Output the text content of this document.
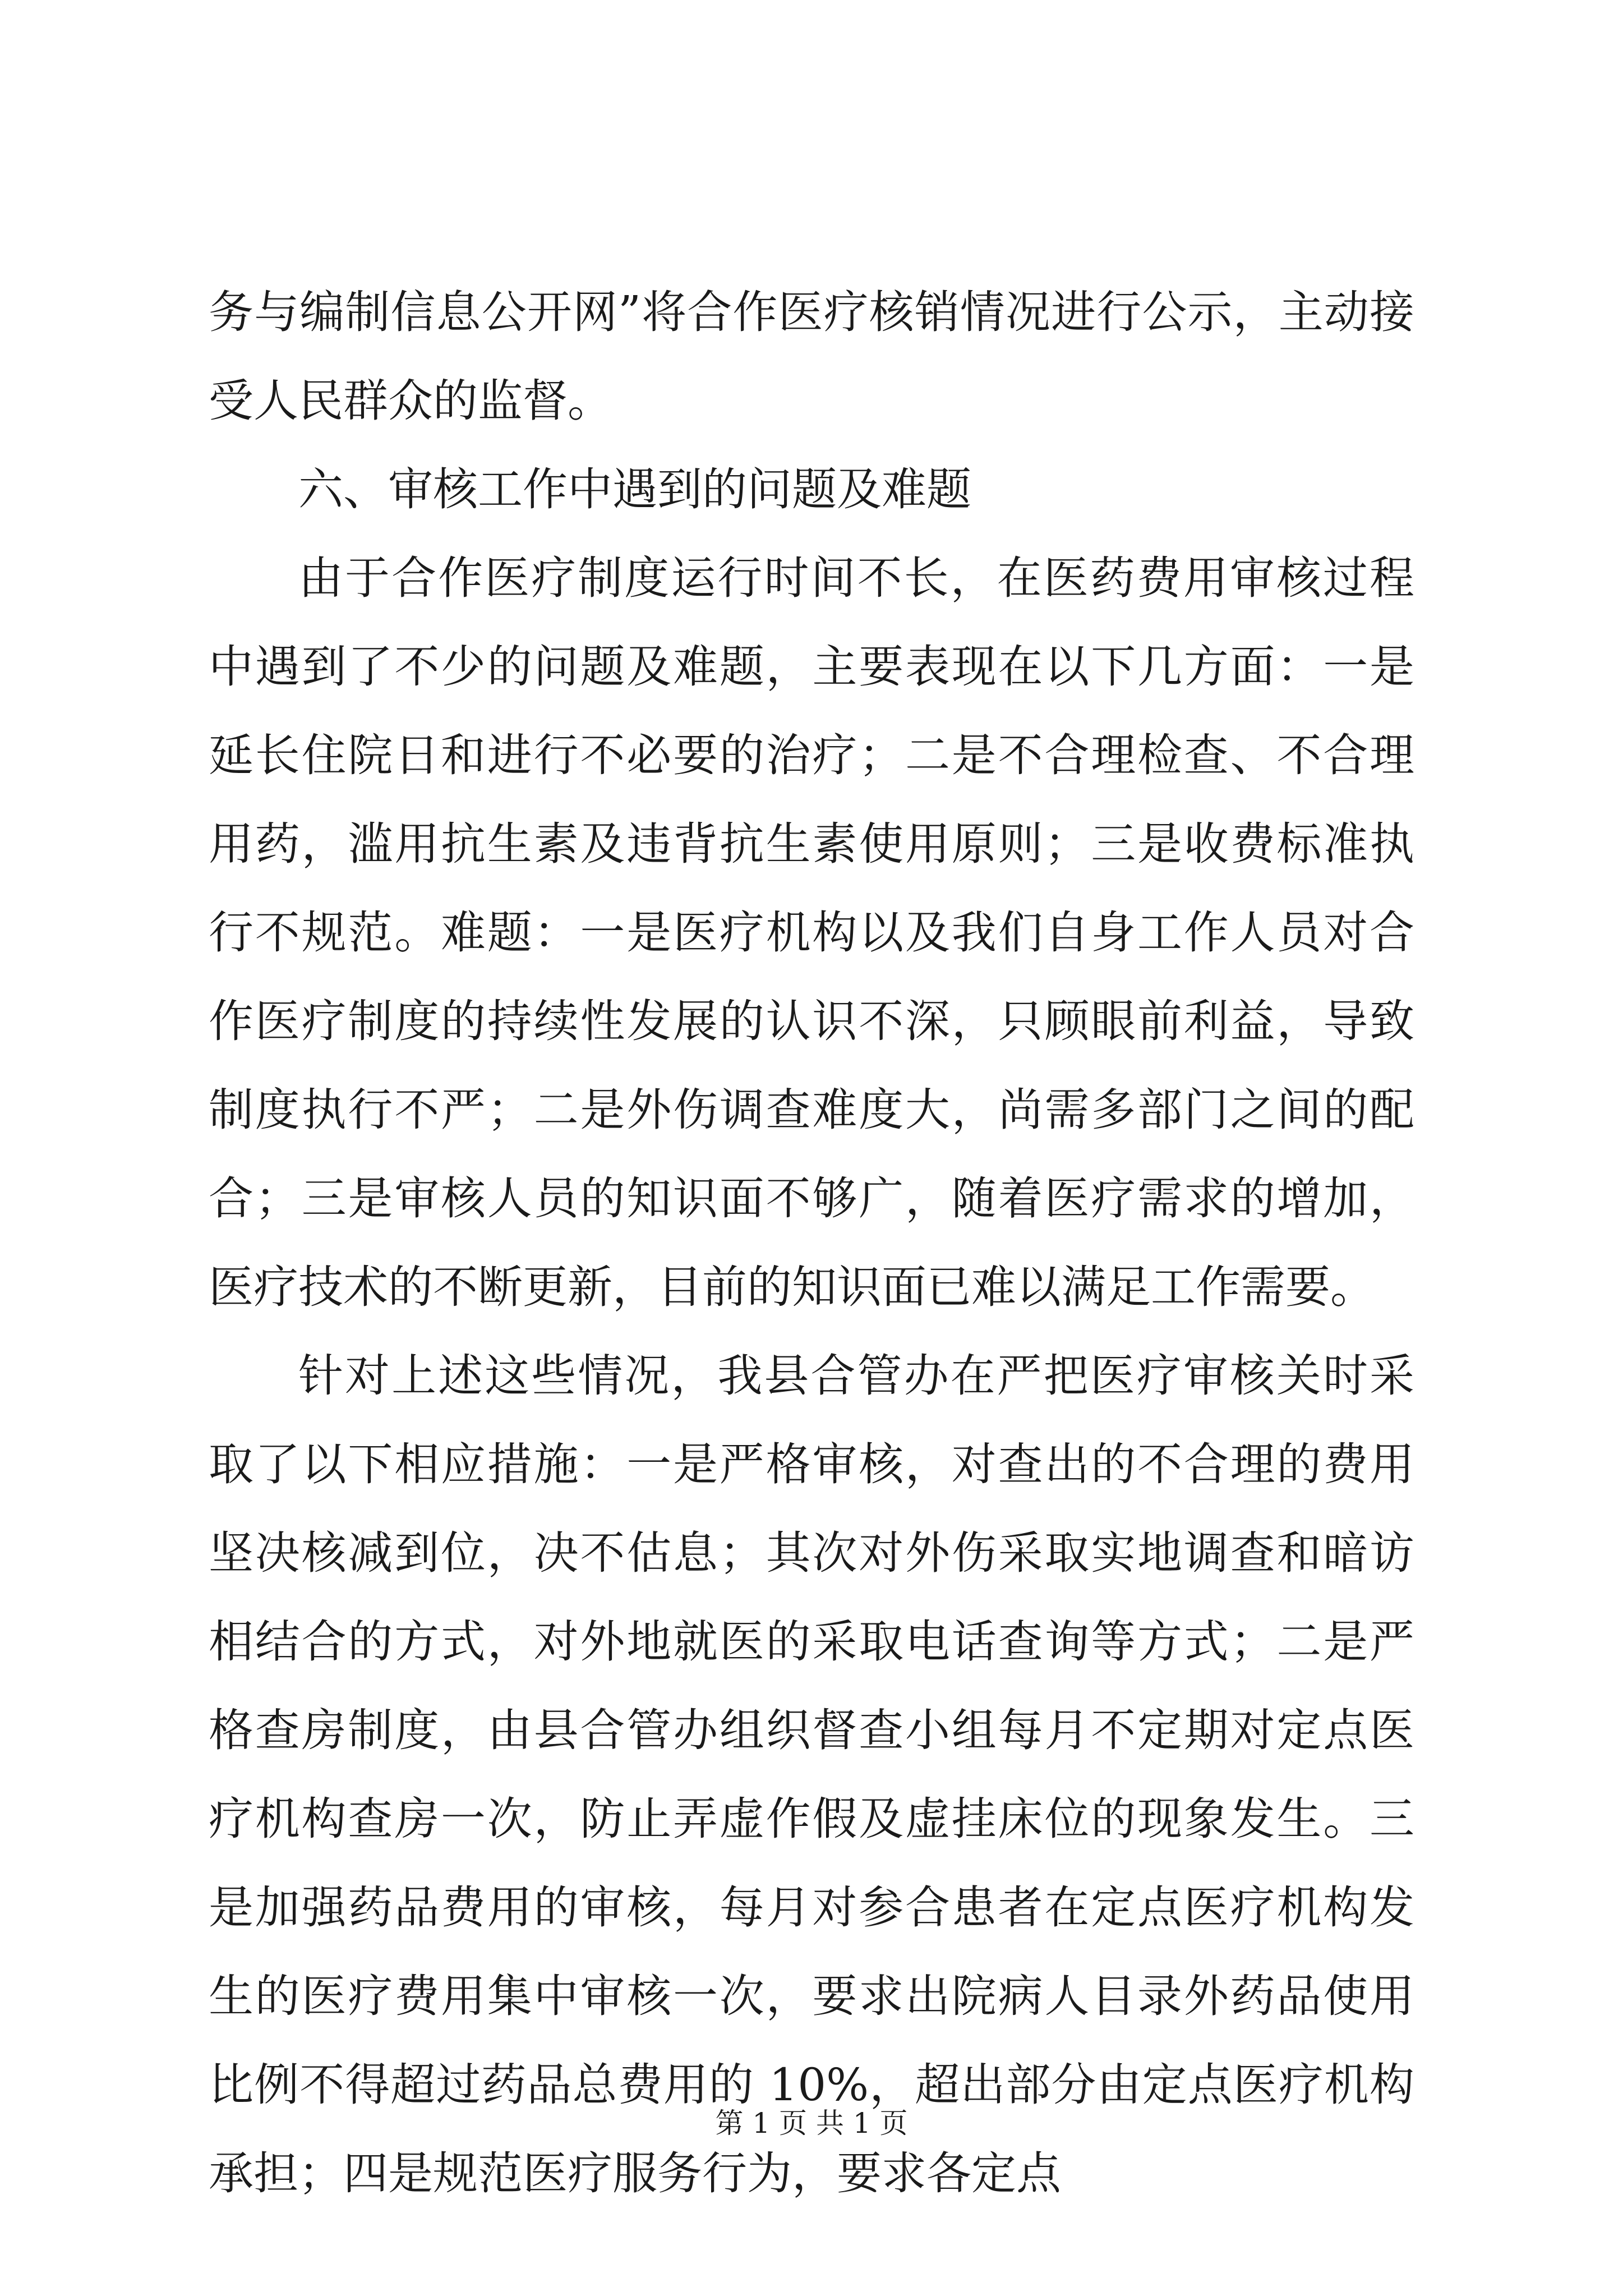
务与编制信息公开网”将合作医疗核销情况进行公示，主动接受人民群众的监督。

六、审核工作中遇到的问题及难题

由于合作医疗制度运行时间不长，在医药费用审核过程中遇到了不少的问题及难题，主要表现在以下几方面：一是延长住院日和进行不必要的治疗；二是不合理检查、不合理用药，滥用抗生素及违背抗生素使用原则；三是收费标准执行不规范。难题：一是医疗机构以及我们自身工作人员对合作医疗制度的持续性发展的认识不深，只顾眼前利益，导致制度执行不严；二是外伤调查难度大，尚需多部门之间的配合；三是审核人员的知识面不够广，随着医疗需求的增加，医疗技术的不断更新，目前的知识面已难以满足工作需要。

针对上述这些情况，我县合管办在严把医疗审核关时采取了以下相应措施：一是严格审核，对查出的不合理的费用坚决核减到位，决不估息；其次对外伤采取实地调查和暗访相结合的方式，对外地就医的采取电话查询等方式；二是严格查房制度，由县合管办组织督查小组每月不定期对定点医疗机构查房一次，防止弄虚作假及虚挂床位的现象发生。三是加强药品费用的审核，每月对参合患者在定点医疗机构发生的医疗费用集中审核一次，要求出院病人目录外药品使用比例不得超过药品总费用的 10%，超出部分由定点医疗机构承担；四是规范医疗服务行为，要求各定点

第 1 页 共 1 页
